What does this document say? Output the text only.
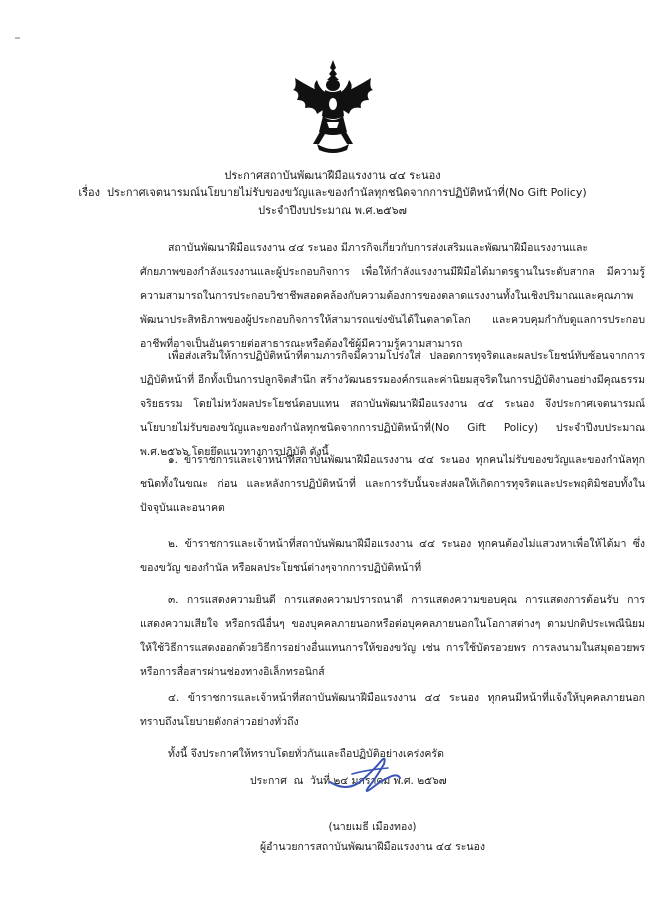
ประกาศสถาบันพัฒนาฝีมือแรงงาน ๔๔ ระนอง
เรื่อง ประกาศเจตนารมณ์นโยบายไม่รับของขวัญและของกำนัลทุกชนิดจากการปฏิบัติหน้าที่(No Gift Policy)
ประจำปีงบประมาณ พ.ศ.๒๕๖๗
สถาบันพัฒนาฝีมือแรงงาน ๔๔ ระนอง มีภารกิจเกี่ยวกับการส่งเสริมและพัฒนาฝีมือแรงงานและ

ศักยภาพของกำลังแรงงานและผู้ประกอบกิจการ เพื่อให้กำลังแรงงานมีฝีมือได้มาตรฐานในระดับสากล มีความรู้ความสามารถในการประกอบวิชาชีพสอดคล้องกับความต้องการของตลาดแรงงานทั้งในเชิงปริมาณและคุณภาพ พัฒนาประสิทธิภาพของผู้ประกอบกิจการให้สามารถแข่งขันได้ในตลาดโลก และควบคุมกำกับดูแลการประกอบอาชีพที่อาจเป็นอันตรายต่อสาธารณะหรือต้องใช้ผู้มีความรู้ความสามารถ

เพื่อส่งเสริมให้การปฏิบัติหน้าที่ตามภารกิจมีความโปร่งใส่ ปลอดการทุจริตและผลประโยชน์ทับซ้อนจากการปฏิบัติหน้าที่ อีกทั้งเป็นการปลูกจิตสำนึก สร้างวัฒนธรรมองค์กรและค่านิยมสุจริตในการปฏิบัติงานอย่างมีคุณธรรมจริยธรรม โดยไม่หวังผลประโยชน์ตอบแทน สถาบันพัฒนาฝีมือแรงงาน ๔๔ ระนอง จึงประกาศเจตนารมณ์นโยบายไม่รับของขวัญและของกำนัลทุกชนิดจากการปฏิบัติหน้าที่(No Gift Policy) ประจำปีงบประมาณ พ.ศ.๒๕๖๖ โดยยึดแนวทางการปฏิบัติ ดังนี้

๑. ข้าราชการและเจ้าหน้าที่สถาบันพัฒนาฝีมือแรงงาน ๔๔ ระนอง ทุกคนไม่รับของขวัญและของกำนัลทุกชนิดทั้งในขณะ ก่อน และหลังการปฏิบัติหน้าที่ และการรับนั้นจะส่งผลให้เกิดการทุจริตและประพฤติมิชอบทั้งในปัจจุบันและอนาคต

๒. ข้าราชการและเจ้าหน้าที่สถาบันพัฒนาฝีมือแรงงาน ๔๔ ระนอง ทุกคนต้องไม่แสวงหาเพื่อให้ได้มา ซึ่งของขวัญ ของกำนัล หรือผลประโยชน์ต่างๆจากการปฏิบัติหน้าที่

๓. การแสดงความยินดี การแสดงความปรารถนาดี การแสดงความขอบคุณ การแสดงการต้อนรับ การแสดงความเสียใจ หรือกรณีอื่นๆ ของบุคคลภายนอกหรือต่อบุคคลภายนอกในโอกาสต่างๆ ตามปกติประเพณีนิยม ให้ใช้วิธีการแสดงออกด้วยวิธีการอย่างอื่นแทนการให้ของขวัญ เช่น การใช้บัตรอวยพร การลงนามในสมุดอวยพรหรือการสื่อสารผ่านช่องทางอิเล็กทรอนิกส์

๔. ข้าราชการและเจ้าหน้าที่สถาบันพัฒนาฝีมือแรงงาน ๔๔ ระนอง ทุกคนมีหน้าที่แจ้งให้บุคคลภายนอกทราบถึงนโยบายดังกล่าวอย่างทั่วถึง

ทั้งนี้ จึงประกาศให้ทราบโดยทั่วกันและถือปฏิบัติอย่างเคร่งครัด
ประกาศ ณ วันที่ ๒๔ มกราคม พ.ศ. ๒๕๖๗
(นายเมธี เมืองทอง)
ผู้อำนวยการสถาบันพัฒนาฝีมือแรงงาน ๔๔ ระนอง
